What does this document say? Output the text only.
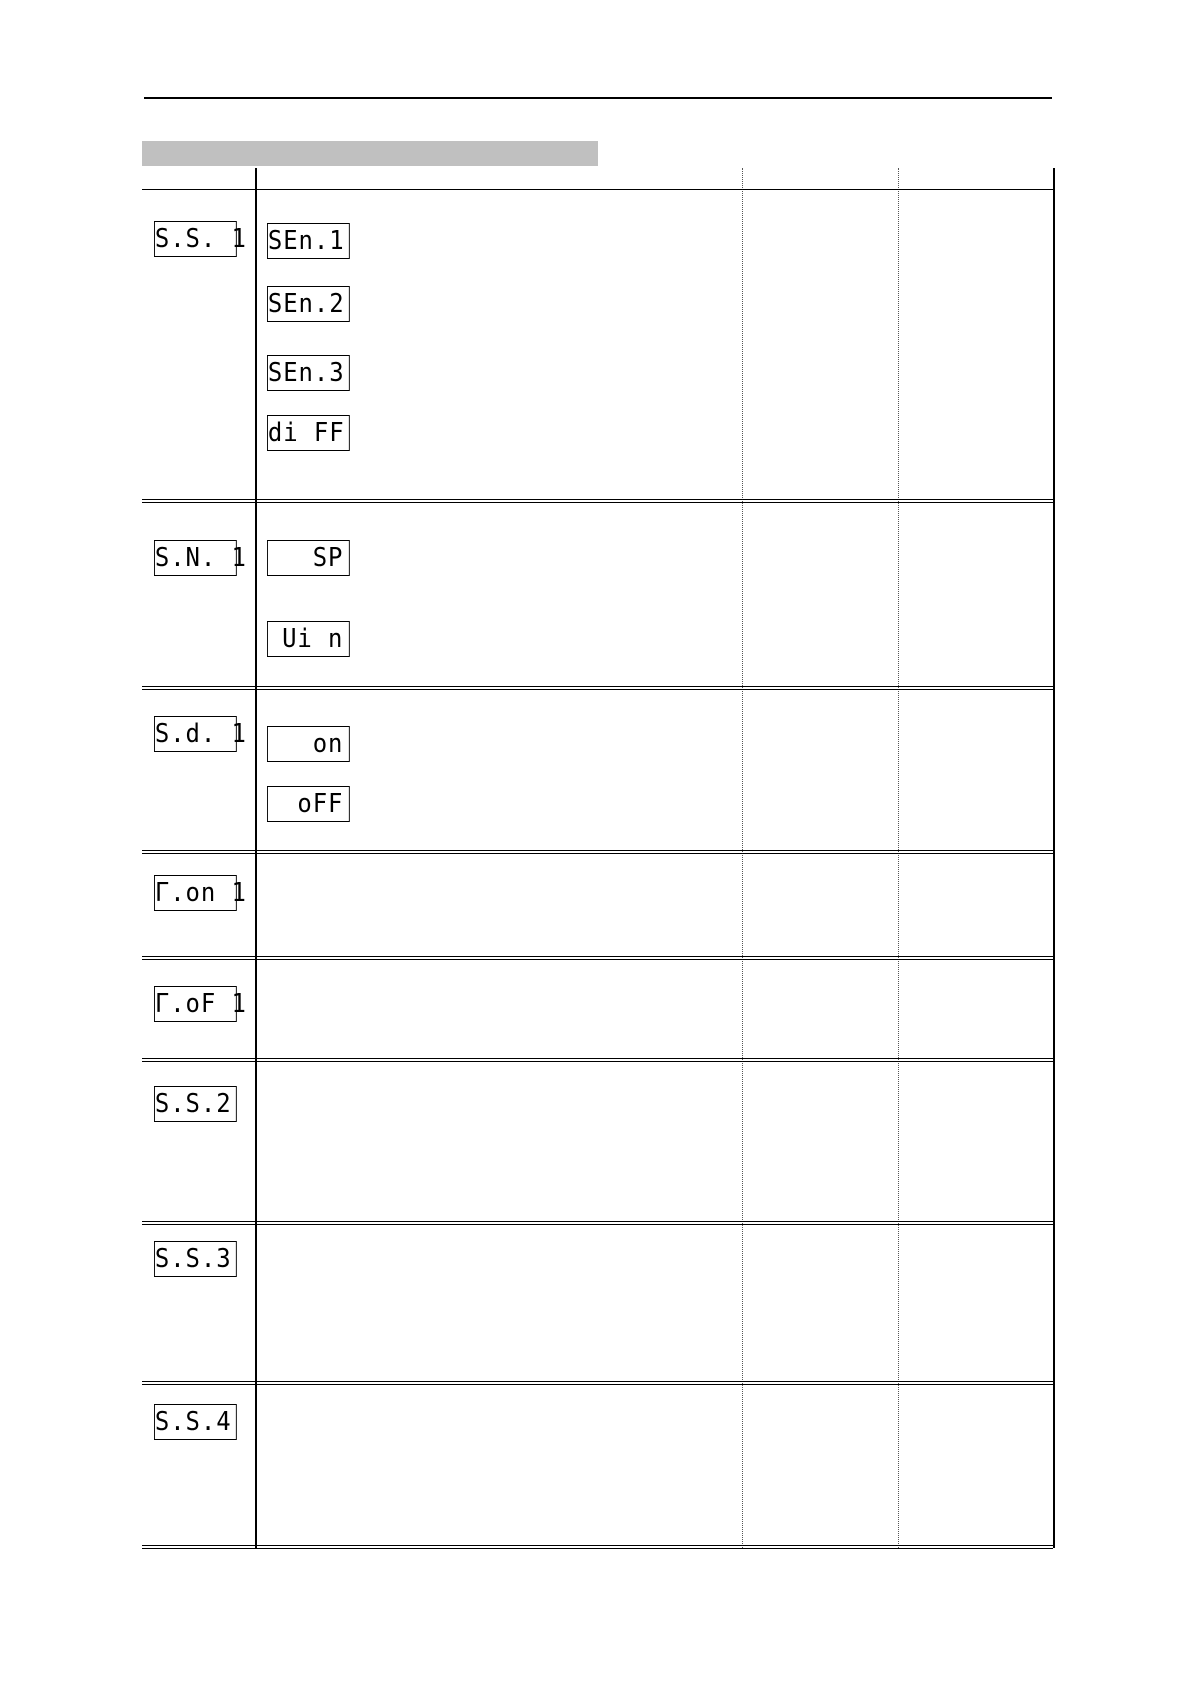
S.S. 1 SEn.1
SEn.2
SEn.3
di FF
S.N. 1	SP
Ui n
S.d. 1	on
oFF
Γ.on 1
Γ.oF 1
S.S.2
S.S.3
S.S.4
